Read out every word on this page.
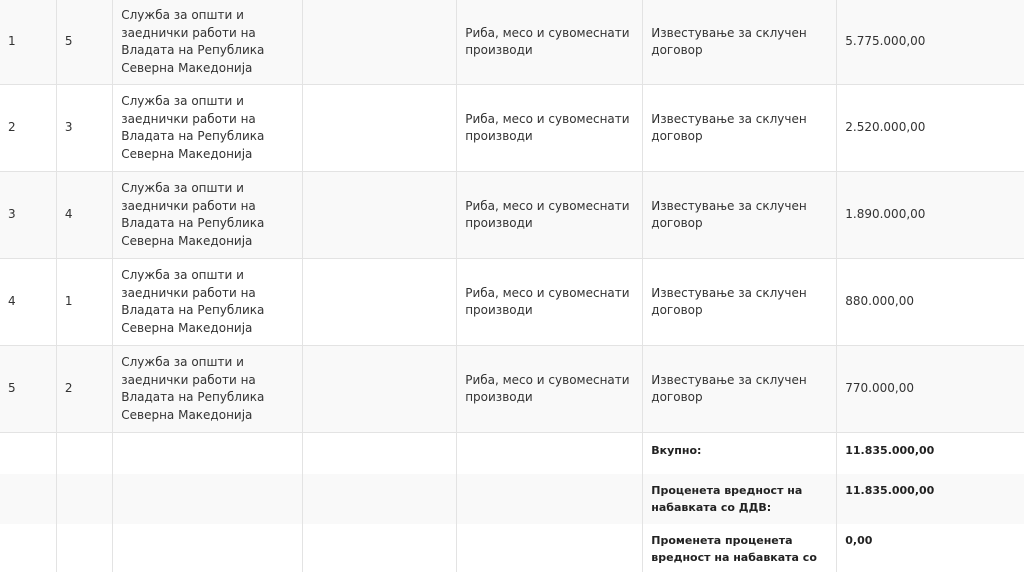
1	5	Служба за општи и заеднички работи на Владата на Република Северна Македонија		Риба, месо и сувомеснати производи	Известување за склучен договор	5.775.000,00
2	3	Служба за општи и заеднички работи на Владата на Република Северна Македонија		Риба, месо и сувомеснати производи	Известување за склучен договор	2.520.000,00
3	4	Служба за општи и заеднички работи на Владата на Република Северна Македонија		Риба, месо и сувомеснати производи	Известување за склучен договор	1.890.000,00
4	1	Служба за општи и заеднички работи на Владата на Република Северна Македонија		Риба, месо и сувомеснати производи	Известување за склучен договор	880.000,00
5	2	Служба за општи и заеднички работи на Владата на Република Северна Македонија		Риба, месо и сувомеснати производи	Известување за склучен договор	770.000,00
					Вкупно:	11.835.000,00
					Проценета вредност на набавката со ДДВ:	11.835.000,00
					Променета проценета вредност на набавката со	0,00
